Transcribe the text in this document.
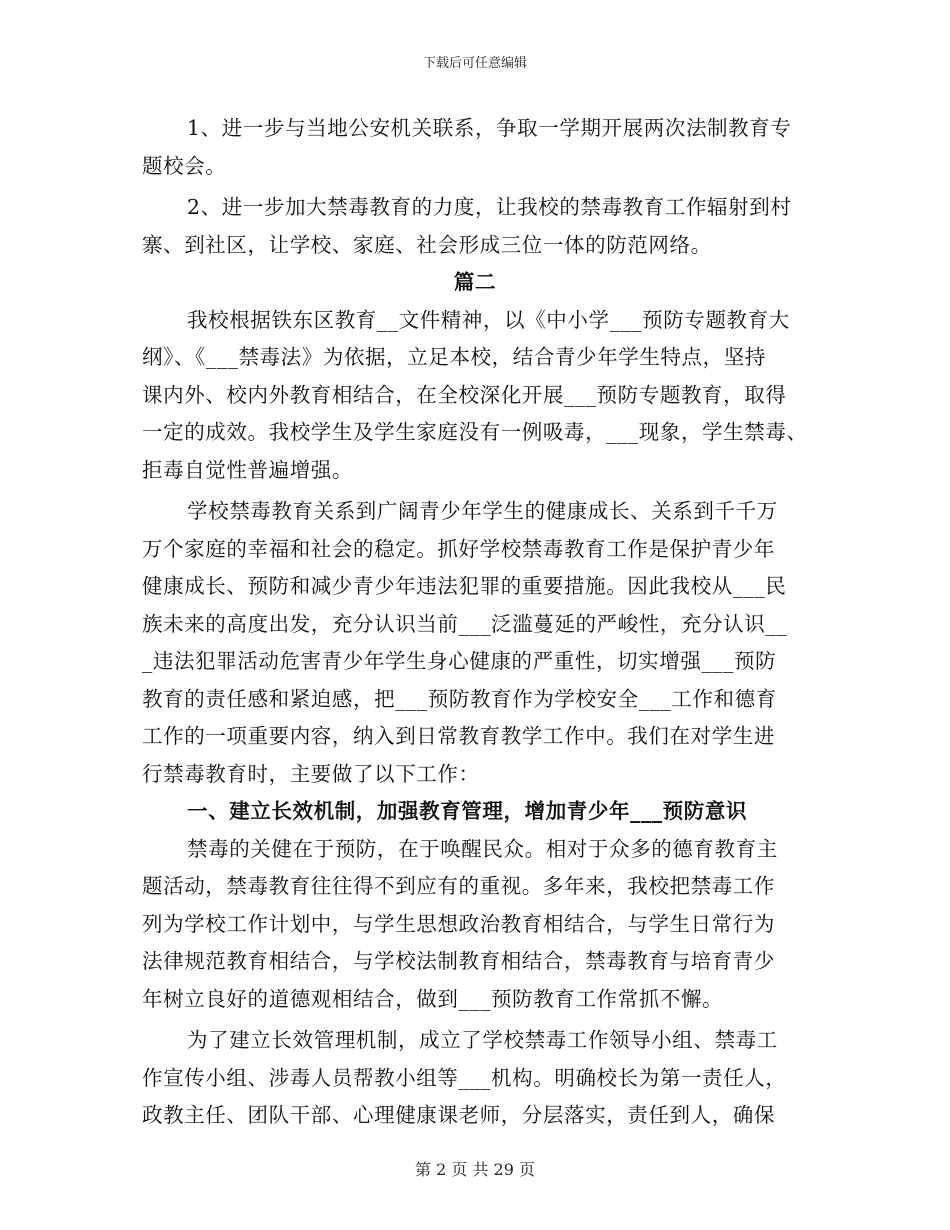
下载后可任意编辑
1、进一步与当地公安机关联系，争取一学期开展两次法制教育专
题校会。
2、进一步加大禁毒教育的力度，让我校的禁毒教育工作辐射到村
寨、到社区，让学校、家庭、社会形成三位一体的防范网络。
篇二
我校根据铁东区教育__文件精神，以《中小学___预防专题教育大
纲》、《___禁毒法》为依据，立足本校，结合青少年学生特点，坚持
课内外、校内外教育相结合，在全校深化开展___预防专题教育，取得
一定的成效。我校学生及学生家庭没有一例吸毒，___现象，学生禁毒、
拒毒自觉性普遍增强。
学校禁毒教育关系到广阔青少年学生的健康成长、关系到千千万
万个家庭的幸福和社会的稳定。抓好学校禁毒教育工作是保护青少年
健康成长、预防和减少青少年违法犯罪的重要措施。因此我校从___民
族未来的高度出发，充分认识当前___泛滥蔓延的严峻性，充分认识__
_违法犯罪活动危害青少年学生身心健康的严重性，切实增强___预防
教育的责任感和紧迫感，把___预防教育作为学校安全___工作和德育
工作的一项重要内容，纳入到日常教育教学工作中。我们在对学生进
行禁毒教育时，主要做了以下工作：
一、建立长效机制，加强教育管理，增加青少年___预防意识
禁毒的关健在于预防，在于唤醒民众。相对于众多的德育教育主
题活动，禁毒教育往往得不到应有的重视。多年来，我校把禁毒工作
列为学校工作计划中，与学生思想政治教育相结合，与学生日常行为
法律规范教育相结合，与学校法制教育相结合，禁毒教育与培育青少
年树立良好的道德观相结合，做到___预防教育工作常抓不懈。
为了建立长效管理机制，成立了学校禁毒工作领导小组、禁毒工
作宣传小组、涉毒人员帮教小组等___机构。明确校长为第一责任人，
政教主任、团队干部、心理健康课老师，分层落实，责任到人，确保
第 2 页 共 29 页
